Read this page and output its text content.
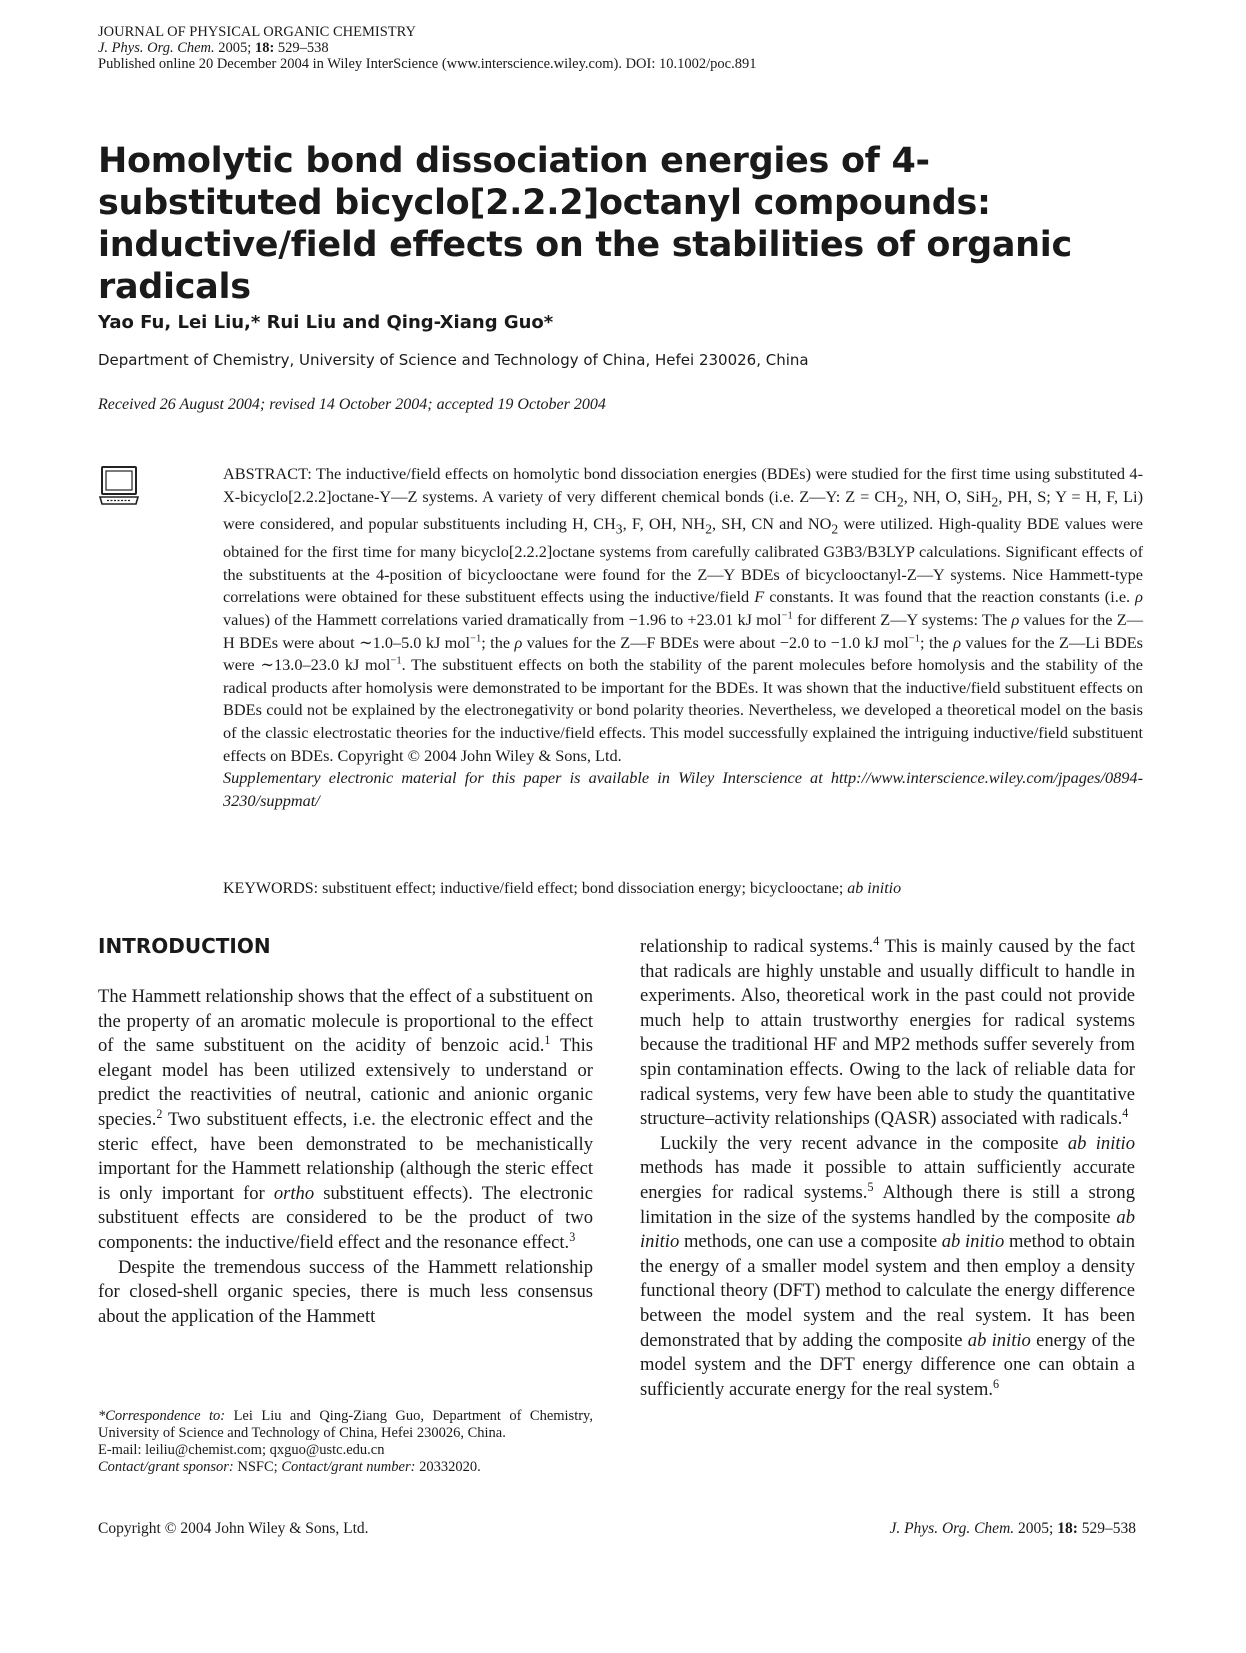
JOURNAL OF PHYSICAL ORGANIC CHEMISTRY
J. Phys. Org. Chem. 2005; 18: 529–538
Published online 20 December 2004 in Wiley InterScience (www.interscience.wiley.com). DOI: 10.1002/poc.891
Homolytic bond dissociation energies of 4-substituted bicyclo[2.2.2]octanyl compounds: inductive/field effects on the stabilities of organic radicals
Yao Fu, Lei Liu,* Rui Liu and Qing-Xiang Guo*
Department of Chemistry, University of Science and Technology of China, Hefei 230026, China
Received 26 August 2004; revised 14 October 2004; accepted 19 October 2004

ABSTRACT: The inductive/field effects on homolytic bond dissociation energies (BDEs) were studied for the first time using substituted 4-X-bicyclo[2.2.2]octane-Y—Z systems. A variety of very different chemical bonds (i.e. Z—Y: $Z = CH_2$, NH, O, SiH$_2$, PH, S; Y = H, F, Li) were considered, and popular substituents including H, $CH_3$, F, OH, $NH_2$, SH, CN and $NO_2$ were utilized. High-quality BDE values were obtained for the first time for many bicyclo[2.2.2]octane systems from carefully calibrated G3B3/B3LYP calculations. Significant effects of the substituents at the 4-position of bicyclooctane were found for the Z—Y BDEs of bicyclooctanyl-Z—Y systems. Nice Hammett-type correlations were obtained for these substituent effects using the inductive/field F constants. It was found that the reaction constants (i.e. ρ values) of the Hammett correlations varied dramatically from −1.96 to +23.01 kJ mol$^{-1}$ for different Z—Y systems: The ρ values for the Z—H BDEs were about ∼1.0–5.0 kJ mol$^{-1}$; the ρ values for the Z—F BDEs were about −2.0 to −1.0 kJ mol$^{-1}$; the ρ values for the Z—Li BDEs were ∼13.0–23.0 kJ mol$^{-1}$. The substituent effects on both the stability of the parent molecules before homolysis and the stability of the radical products after homolysis were demonstrated to be important for the BDEs. It was shown that the inductive/field substituent effects on BDEs could not be explained by the electronegativity or bond polarity theories. Nevertheless, we developed a theoretical model on the basis of the classic electrostatic theories for the inductive/field effects. This model successfully explained the intriguing inductive/field substituent effects on BDEs. Copyright © 2004 John Wiley & Sons, Ltd.

Supplementary electronic material for this paper is available in Wiley Interscience at http://www.interscience.wiley.com/jpages/0894-3230/suppmat/

KEYWORDS: substituent effect; inductive/field effect; bond dissociation energy; bicyclooctane; ab initio
INTRODUCTION

The Hammett relationship shows that the effect of a substituent on the property of an aromatic molecule is proportional to the effect of the same substituent on the acidity of benzoic acid.$^1$ This elegant model has been utilized extensively to understand or predict the reactivities of neutral, cationic and anionic organic species.$^2$ Two substituent effects, i.e. the electronic effect and the steric effect, have been demonstrated to be mechanistically important for the Hammett relationship (although the steric effect is only important for ortho substituent effects). The electronic substituent effects are considered to be the product of two components: the inductive/field effect and the resonance effect.$^3$

Despite the tremendous success of the Hammett relationship for closed-shell organic species, there is much less consensus about the application of the Hammett

relationship to radical systems.$^4$ This is mainly caused by the fact that radicals are highly unstable and usually difficult to handle in experiments. Also, theoretical work in the past could not provide much help to attain trustworthy energies for radical systems because the traditional HF and MP2 methods suffer severely from spin contamination effects. Owing to the lack of reliable data for radical systems, very few have been able to study the quantitative structure–activity relationships (QASR) associated with radicals.$^4$

Luckily the very recent advance in the composite ab initio methods has made it possible to attain sufficiently accurate energies for radical systems.$^5$ Although there is still a strong limitation in the size of the systems handled by the composite ab initio methods, one can use a composite ab initio method to obtain the energy of a smaller model system and then employ a density functional theory (DFT) method to calculate the energy difference between the model system and the real system. It has been demonstrated that by adding the composite ab initio energy of the model system and the DFT energy difference one can obtain a sufficiently accurate energy for the real system.$^6$

*Correspondence to: Lei Liu and Qing-Ziang Guo, Department of Chemistry, University of Science and Technology of China, Hefei 230026, China.

E-mail: leiliu@chemist.com; qxguo@ustc.edu.cn

Contact/grant sponsor: NSFC; Contact/grant number: 20332020.

Copyright © 2004 John Wiley & Sons, Ltd.	J. Phys. Org. Chem. 2005; 18: 529–538
